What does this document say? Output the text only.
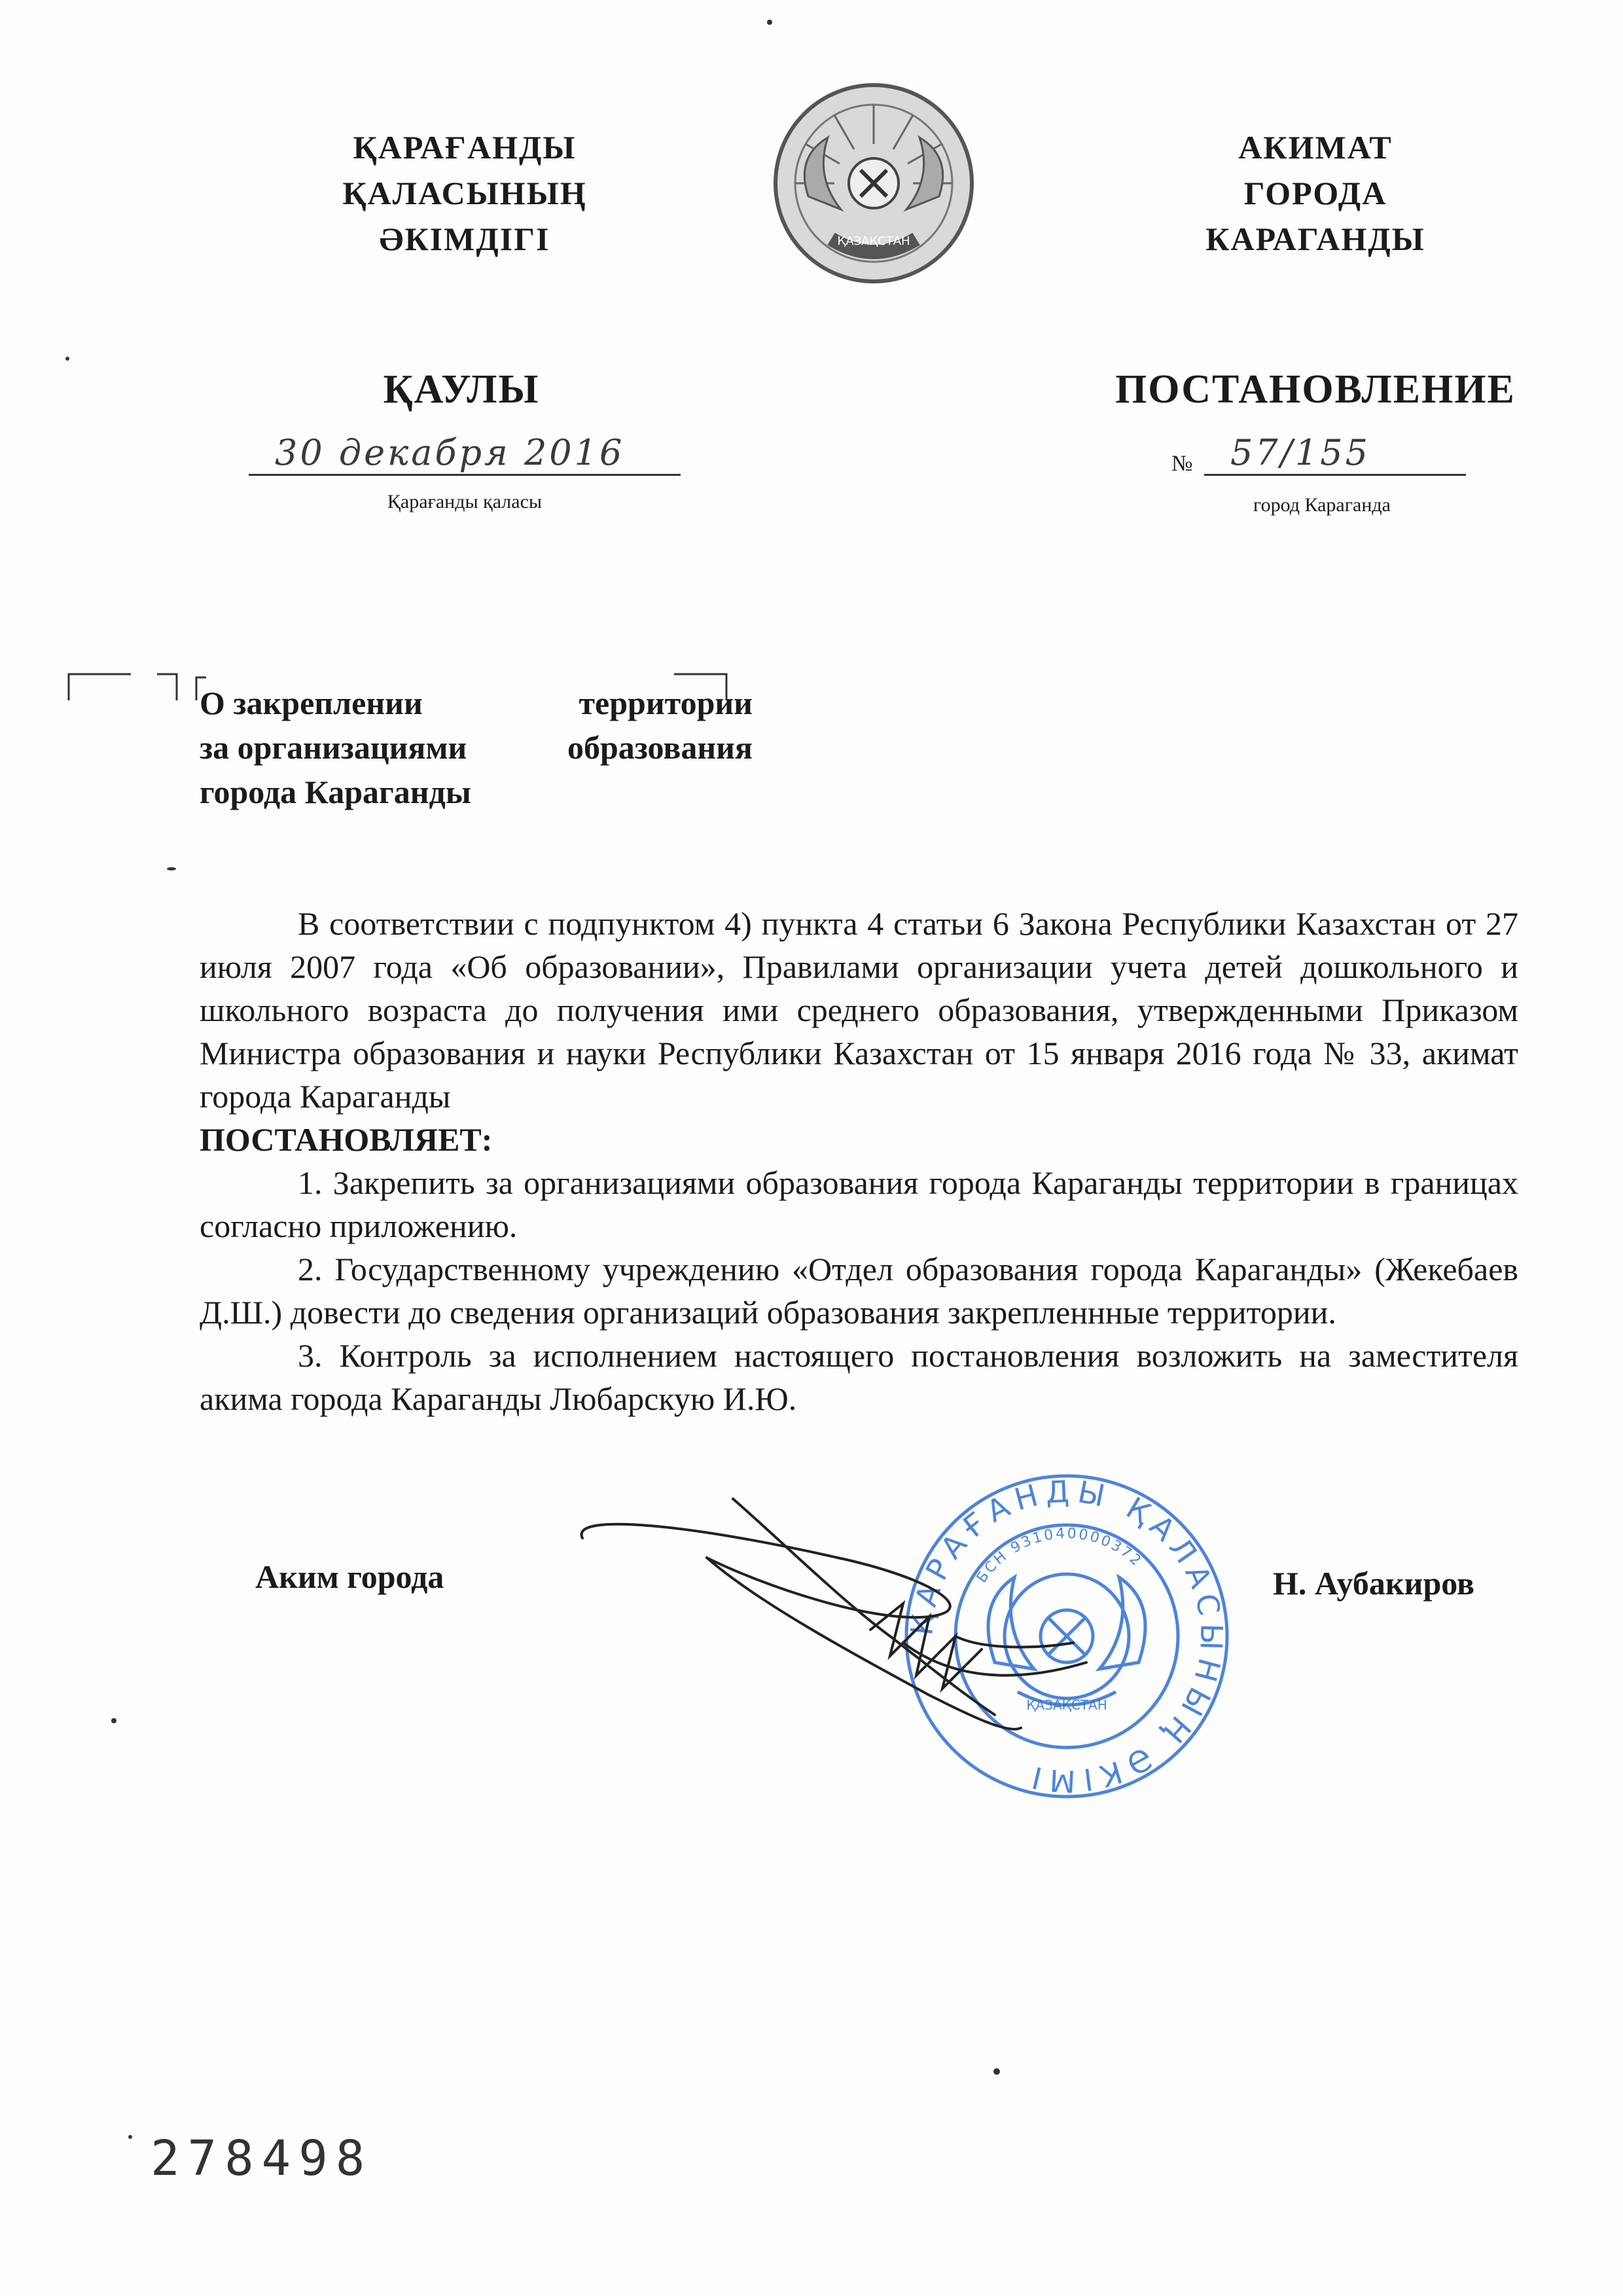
ҚАРАҒАНДЫ
ҚАЛАСЫНЫҢ
ӘКІМДІГІ	ҚАЗАҚСТАН
АКИМАТ
ГОРОДА
КАРАГАНДЫ
ҚАУЛЫ	ПОСТАНОВЛЕНИЕ
30 декабря 2016
Қарағанды қаласы
№ 57/155
город Караганда
О закреплении	территории
за организациями	образования
города Караганды

В соответствии с подпунктом 4) пункта 4 статьи 6 Закона Республики Казахстан от 27 июля 2007 года «Об образовании», Правилами организации учета детей дошкольного и школьного возраста до получения ими среднего образования, утвержденными Приказом Министра образования и науки Республики Казахстан от 15 января 2016 года № 33, акимат города Караганды

ПОСТАНОВЛЯЕТ:

1. Закрепить за организациями образования города Караганды территории в границах согласно приложению.

2. Государственному учреждению «Отдел образования города Караганды» (Жекебаев Д.Ш.) довести до сведения организаций образования закрепленнные территории.

3. Контроль за исполнением настоящего постановления возложить на заместителя акима города Караганды Любарскую И.Ю.

ҚАРАҒАНДЫ ҚАЛАСЫНЫҢ ӘКІМІ
БСН 931040000372
ҚАЗАҚСТАН
Аким города	Н. Аубакиров
278498
